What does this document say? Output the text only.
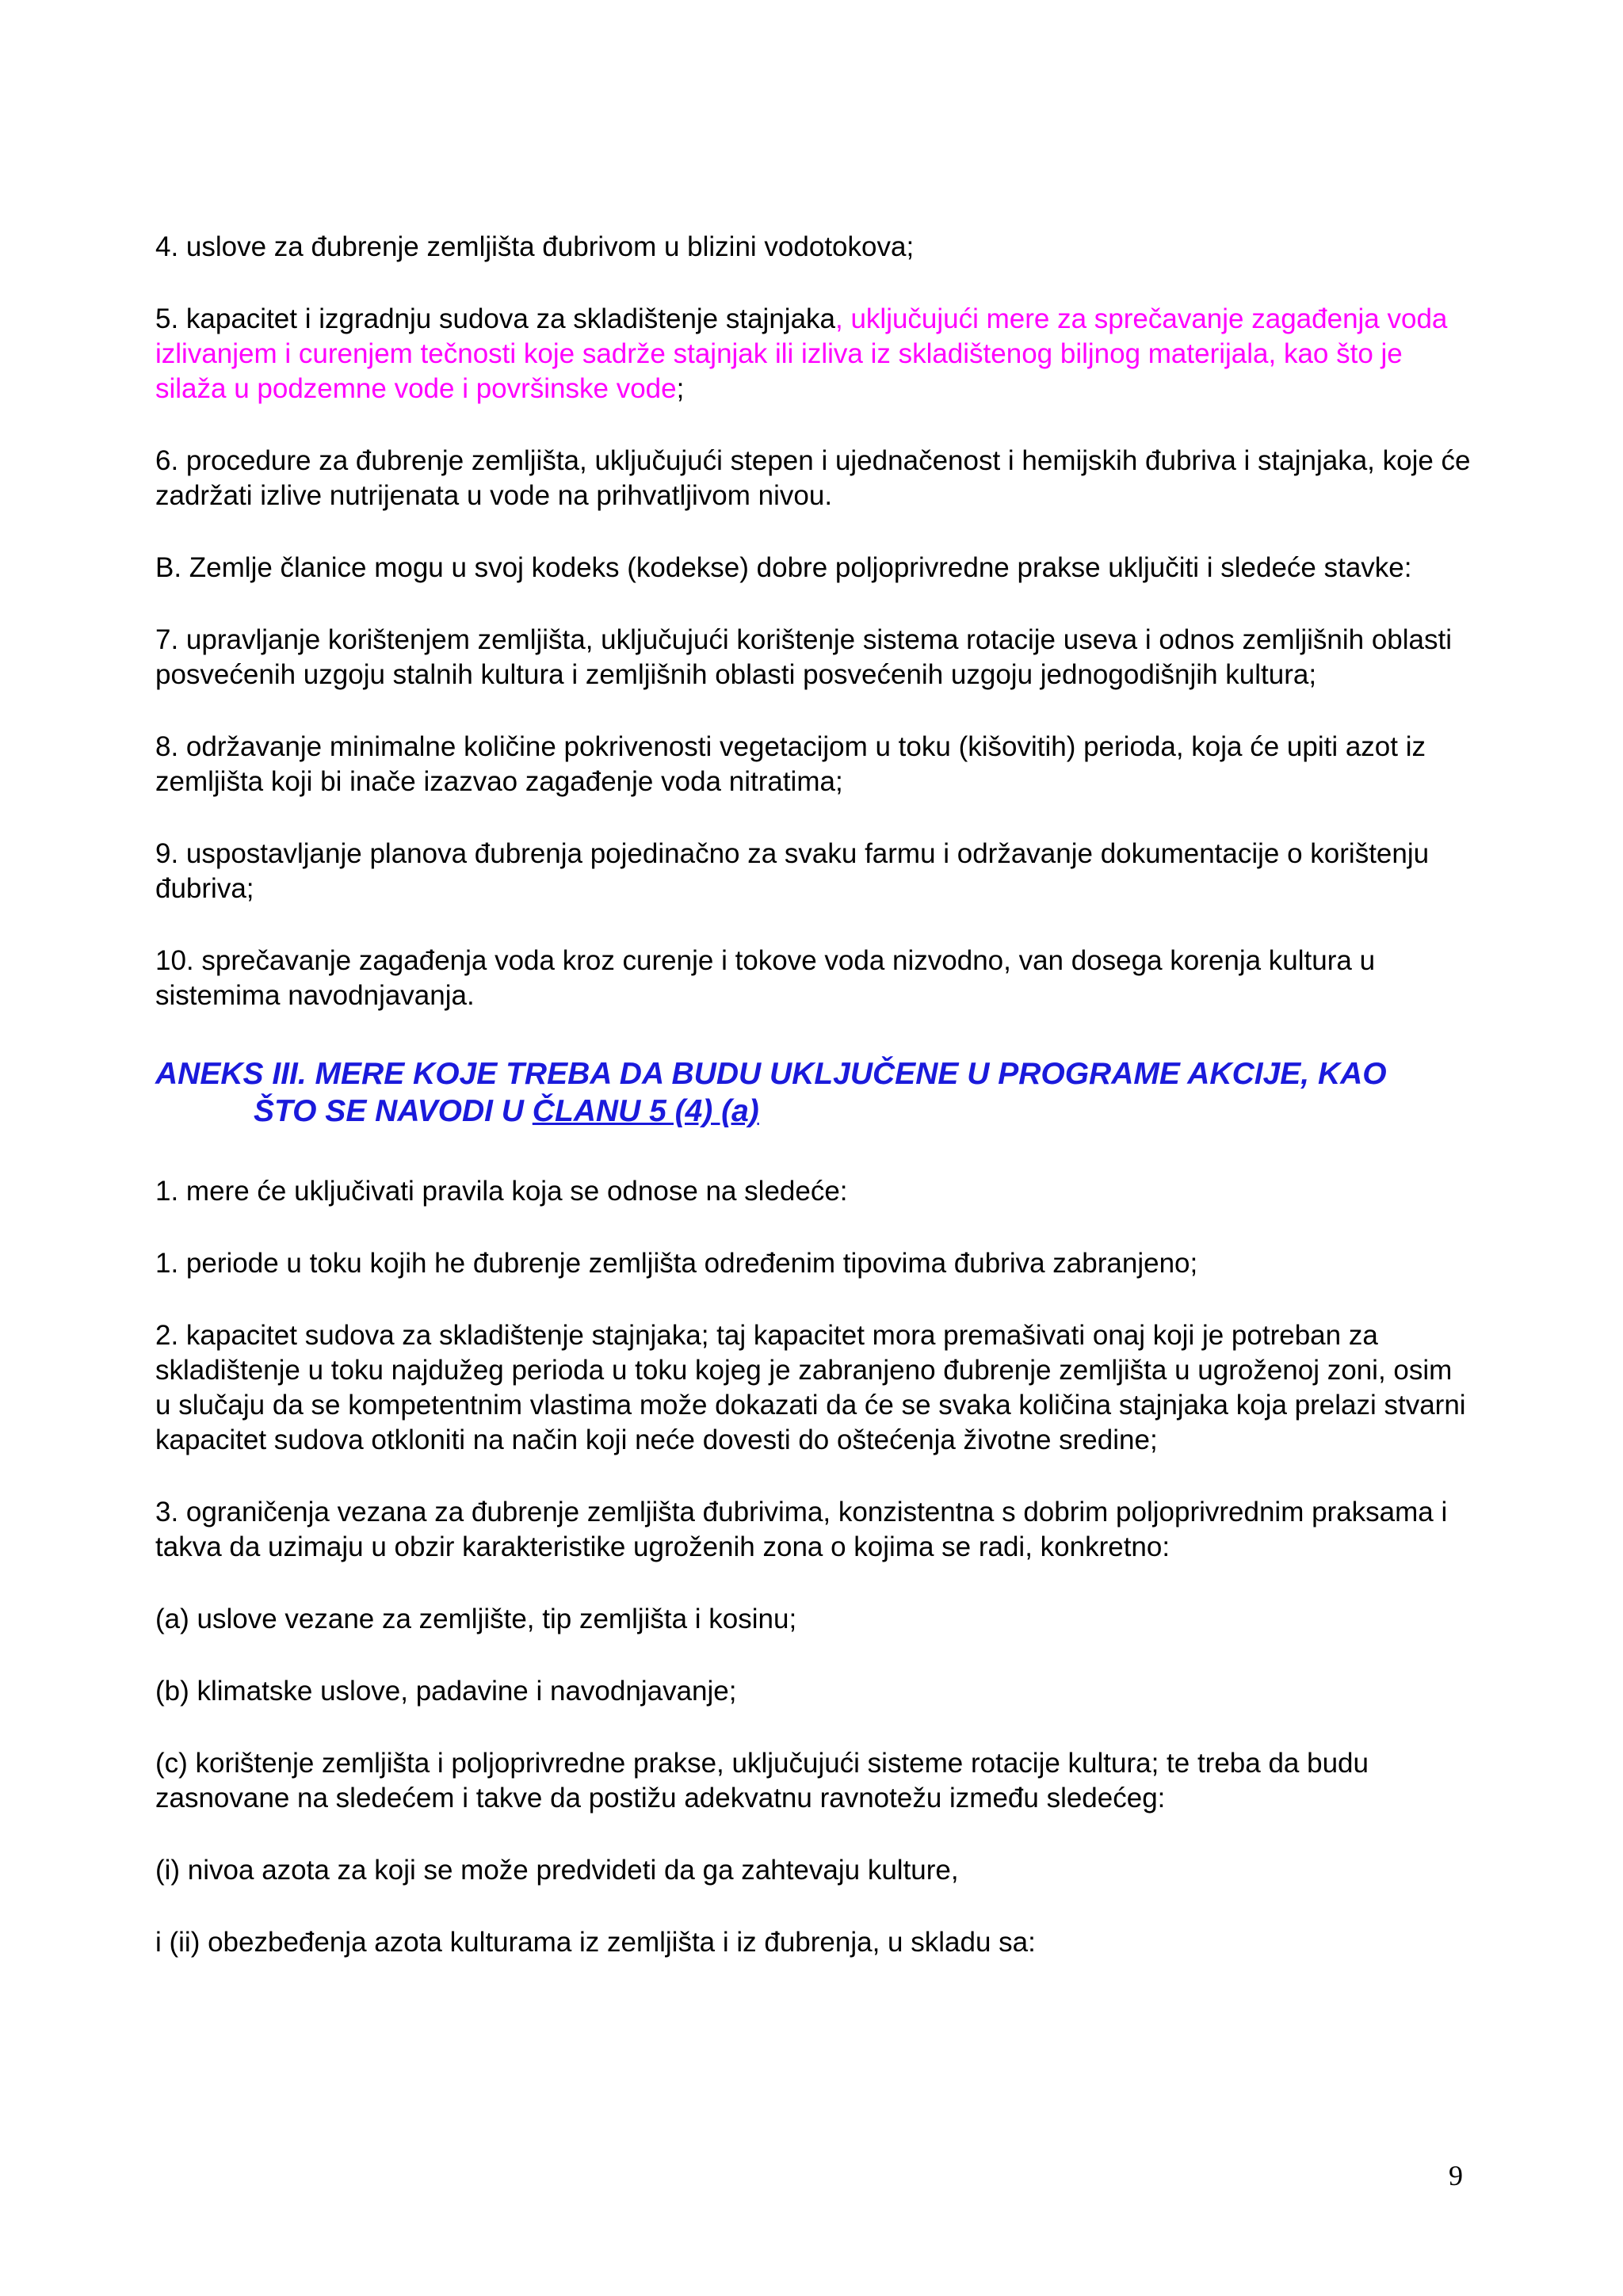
4. uslove za đubrenje zemljišta đubrivom u blizini vodotokova;

5. kapacitet i izgradnju sudova za skladištenje stajnjaka, uključujući mere za sprečavanje zagađenja voda izlivanjem i curenjem tečnosti koje sadrže stajnjak ili izliva iz skladištenog biljnog materijala, kao što je silaža u podzemne vode i površinske vode;

6. procedure za đubrenje zemljišta, uključujući stepen i ujednačenost i hemijskih đubriva i stajnjaka, koje će zadržati izlive nutrijenata u vode na prihvatljivom nivou.

B. Zemlje članice mogu u svoj kodeks (kodekse) dobre poljoprivredne prakse uključiti i sledeće stavke:

7. upravljanje korištenjem zemljišta, uključujući korištenje sistema rotacije useva i odnos zemljišnih oblasti posvećenih uzgoju stalnih kultura i zemljišnih oblasti posvećenih uzgoju jednogodišnjih kultura;

8. održavanje minimalne količine pokrivenosti vegetacijom u toku (kišovitih) perioda, koja će upiti azot iz zemljišta koji bi inače izazvao zagađenje voda nitratima;

9. uspostavljanje planova đubrenja pojedinačno za svaku farmu i održavanje dokumentacije o korištenju đubriva;

10. sprečavanje zagađenja voda kroz curenje i tokove voda nizvodno, van dosega korenja kultura u sistemima navodnjavanja.

ANEKS III. MERE KOJE TREBA DA BUDU UKLJUČENE U PROGRAME AKCIJE, KAO
ŠTO SE NAVODI U ČLANU 5 (4) (a)

1. mere će uključivati pravila koja se odnose na sledeće:

1. periode u toku kojih he đubrenje zemljišta određenim tipovima đubriva zabranjeno;

2. kapacitet sudova za skladištenje stajnjaka; taj kapacitet mora premašivati onaj koji je potreban za skladištenje u toku najdužeg perioda u toku kojeg je zabranjeno đubrenje zemljišta u ugroženoj zoni, osim u slučaju da se kompetentnim vlastima može dokazati da će se svaka količina stajnjaka koja prelazi stvarni kapacitet sudova otkloniti na način koji neće dovesti do oštećenja životne sredine;

3. ograničenja vezana za đubrenje zemljišta đubrivima, konzistentna s dobrim poljoprivrednim praksama i takva da uzimaju u obzir karakteristike ugroženih zona o kojima se radi, konkretno:

(a) uslove vezane za zemljište, tip zemljišta i kosinu;

(b) klimatske uslove, padavine i navodnjavanje;

(c) korištenje zemljišta i poljoprivredne prakse, uključujući sisteme rotacije kultura; te treba da budu zasnovane na sledećem i takve da postižu adekvatnu ravnotežu između sledećeg:

(i) nivoa azota za koji se može predvideti da ga zahtevaju kulture,

i (ii) obezbeđenja azota kulturama iz zemljišta i iz đubrenja, u skladu sa:

9
